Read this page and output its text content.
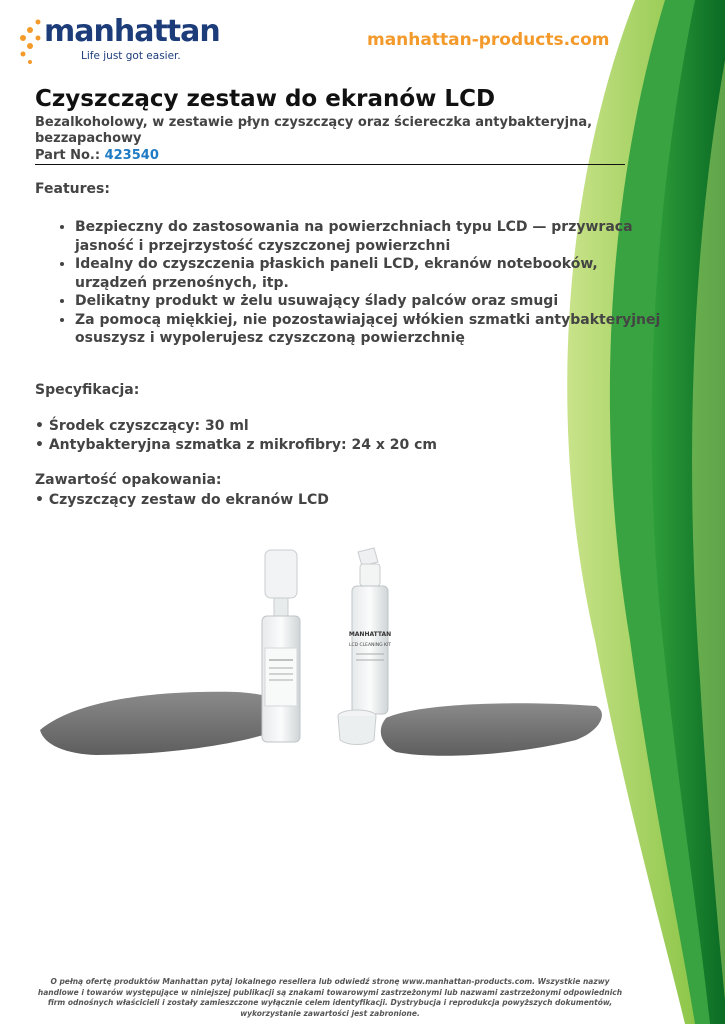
manhattan
Life just got easier.
manhattan-products.com
Czyszczący zestaw do ekranów LCD
Bezalkoholowy, w zestawie płyn czyszczący oraz ściereczka antybakteryjna, bezzapachowy
Part No.: 423540
Features:
• Bezpieczny do zastosowania na powierzchniach typu LCD — przywraca jasność i przejrzystość czyszczonej powierzchni
• Idealny do czyszczenia płaskich paneli LCD, ekranów notebooków, urządzeń przenośnych, itp.
• Delikatny produkt w żelu usuwający ślady palców oraz smugi
• Za pomocą miękkiej, nie pozostawiającej włókien szmatki antybakteryjnej osuszysz i wypolerujesz czyszczoną powierzchnię
Specyfikacja:
• Środek czyszczący: 30 ml
• Antybakteryjna szmatka z mikrofibry: 24 x 20 cm
Zawartość opakowania:
• Czyszczący zestaw do ekranów LCD
MANHATTAN
LCD CLEANING KIT
O pełną ofertę produktów Manhattan pytaj lokalnego resellera lub odwiedź stronę www.manhattan-products.com. Wszystkie nazwy handlowe i towarów występujące w niniejszej publikacji są znakami towarowymi zastrzeżonymi lub nazwami zastrzeżonymi odpowiednich firm odnośnych właścicieli i zostały zamieszczone wyłącznie celem identyfikacji. Dystrybucja i reprodukcja powyższych dokumentów, wykorzystanie zawartości jest zabronione.
